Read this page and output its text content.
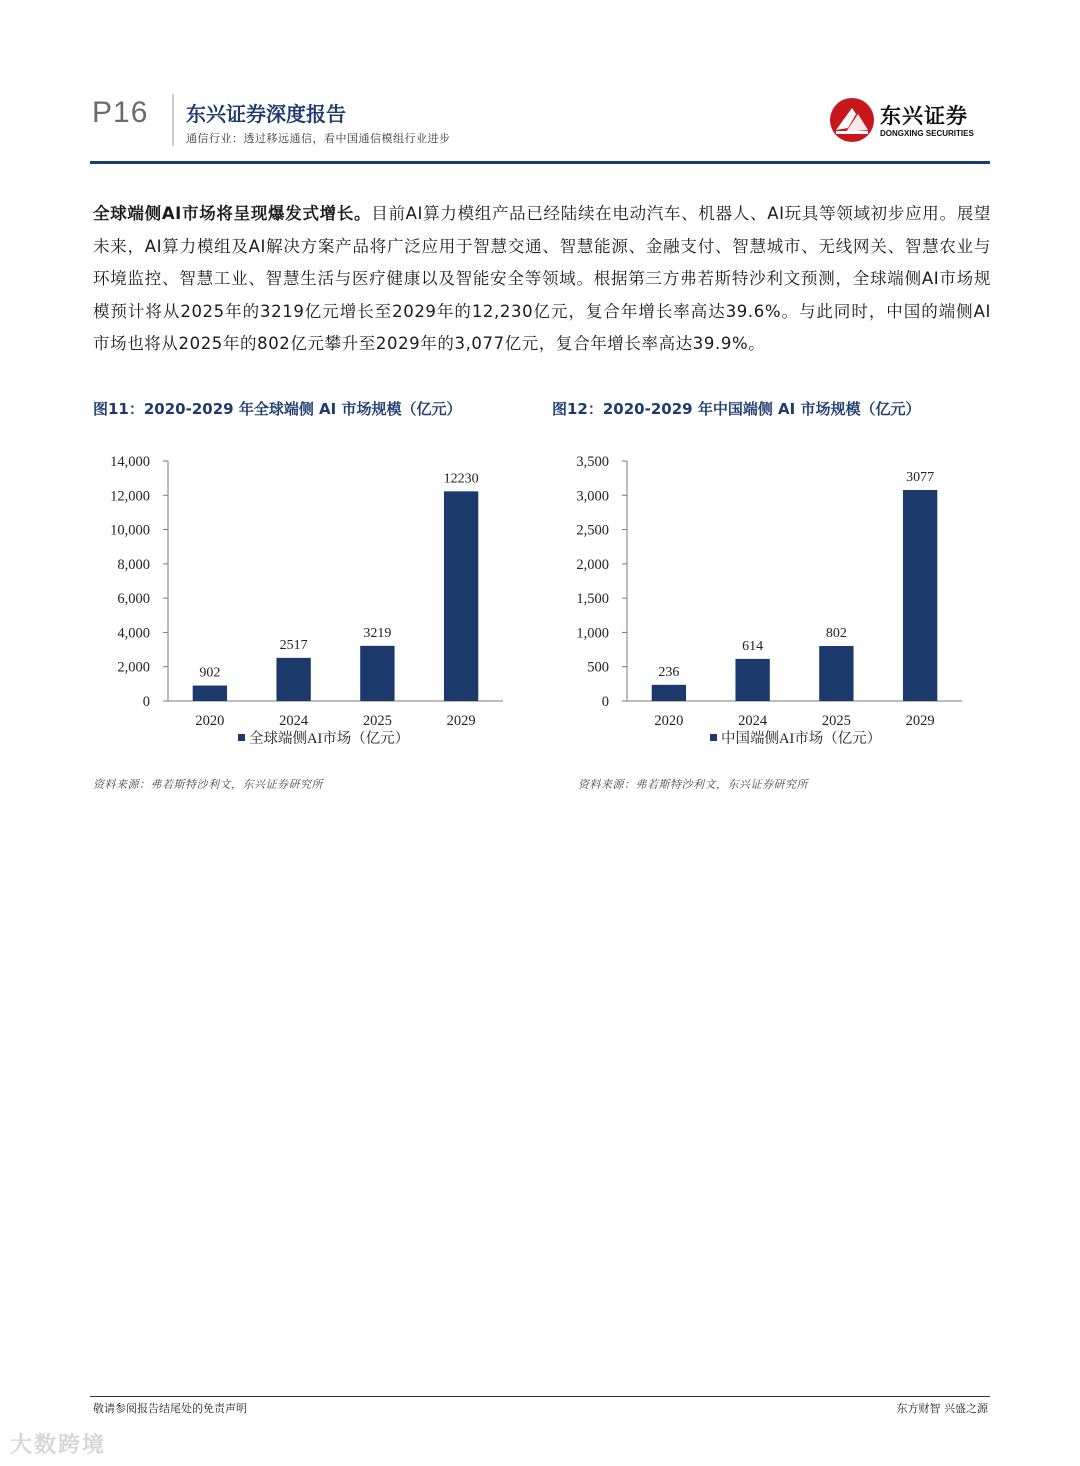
P16 东兴证券深度报告
通信行业：透过移远通信，看中国通信模组行业进步
东兴证券
DONGXING SECURITIES
全球端侧AI市场将呈现爆发式增长。目前AI算力模组产品已经陆续在电动汽车、机器人、AI玩具等领域初步应用。展望未来，AI算力模组及AI解决方案产品将广泛应用于智慧交通、智慧能源、金融支付、智慧城市、无线网关、智慧农业与环境监控、智慧工业、智慧生活与医疗健康以及智能安全等领域。根据第三方弗若斯特沙利文预测，全球端侧AI市场规模预计将从2025年的3219亿元增长至2029年的12,230亿元，复合年增长率高达39.6%。与此同时，中国的端侧AI市场也将从2025年的802亿元攀升至2029年的3,077亿元，复合年增长率高达39.9%。
图11：2020-2029 年全球端侧 AI 市场规模（亿元）	图12：2020-2029 年中国端侧 AI 市场规模（亿元）
0
2,000
4,000
6,000
8,000
10,000
12,000
14,000
902
2020
2517
2024
3219
2025
12230
2029
全球端侧AI市场（亿元）
0
500
1,000
1,500
2,000
2,500
3,000
3,500
236
2020
614
2024
802
2025
3077
2029
中国端侧AI市场（亿元）
资料来源：弗若斯特沙利文，东兴证券研究所	资料来源：弗若斯特沙利文，东兴证券研究所
敬请参阅报告结尾处的免责声明	东方财智 兴盛之源
大数跨境
